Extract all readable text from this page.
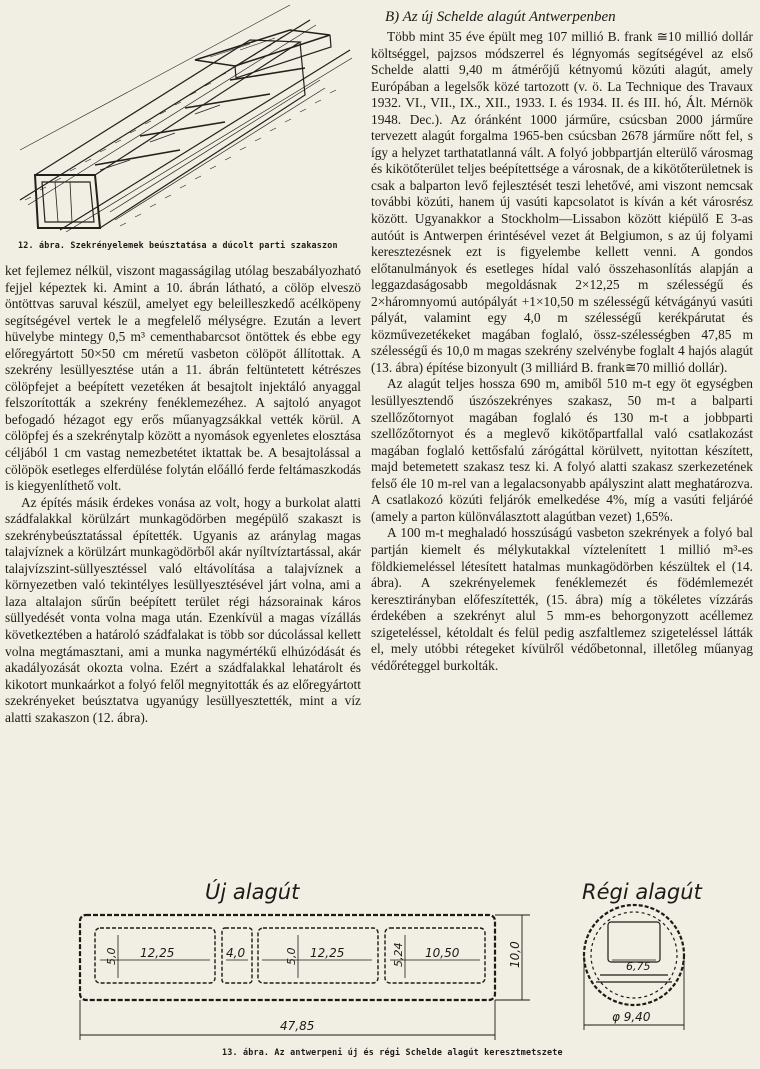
12. ábra. Szekrényelemek beúsztatása a dúcolt parti szakaszon
B) Az új Schelde alagút Antwerpenben

ket fejlemez nélkül, viszont magasságilag utólag beszabályozható fejjel képeztek ki. Amint a 10. ábrán látható, a cölöp elveszö öntöttvas saruval készül, amelyet egy beleilleszkedő acélköpeny segítségével vertek le a megfelelő mélységre. Ezután a levert hüvelybe mintegy 0,5 m³ cementhabarcsot öntöttek és ebbe egy előregyártott 50×50 cm méretű vasbeton cölöpöt állítottak. A szekrény lesüllyesztése után a 11. ábrán feltüntetett kétrészes cölöpfejet a beépített vezetéken át besajtolt injektáló anyaggal felszorították a szekrény fenéklemezéhez. A sajtoló anyagot befogadó hézagot egy erős műanyagzsákkal vették körül. A cölöpfej és a szekrénytalp között a nyomások egyenletes elosztása céljából 1 cm vastag nemezbetétet iktattak be. A besajtolással a cölöpök esetleges elferdülése folytán előálló ferde feltámaszkodás is kiegyenlíthető volt.

Az építés másik érdekes vonása az volt, hogy a burkolat alatti szádfalakkal körülzárt munkagödörben megépülő szakaszt is szekrénybeúsztatással építették. Ugyanis az aránylag magas talajvíznek a körülzárt munkagödörből akár nyíltvíztartással, akár talajvízszint-süllyesztéssel való eltávolítása a talajvíznek a környezetben való tekintélyes lesüllyesztésével járt volna, ami a laza altalajon sűrűn beépített terület régi házsorainak káros süllyedését vonta volna maga után. Ezenkívül a magas vízállás következtében a határoló szádfalakat is több sor dúcolással kellett volna megtámasztani, ami a munka nagymértékű elhúzódását és akadályozását okozta volna. Ezért a szádfalakkal lehatárolt és kikotort munkaárkot a folyó felől megnyitották és az előregyártott szekrényeket beúsztatva ugyanúgy lesüllyesztették, mint a víz alatti szakaszon (12. ábra).

Több mint 35 éve épült meg 107 millió B. frank ≅10 millió dollár költséggel, pajzsos módszerrel és légnyomás segítségével az első Schelde alatti 9,40 m átmérőjű kétnyomú közúti alagút, amely Európában a legelsők közé tartozott (v. ö. La Technique des Travaux 1932. VI., VII., IX., XII., 1933. I. és 1934. II. és III. hó, Ált. Mérnök 1948. Dec.). Az óránként 1000 járműre, csúcsban 2000 járműre tervezett alagút forgalma 1965-ben csúcsban 2678 járműre nőtt fel, s így a helyzet tarthatatlanná vált. A folyó jobbpartján elterülő városmag és kikötőterület teljes beépítettsége a városnak, de a kikötőterületnek is csak a balparton levő fejlesztését teszi lehetővé, ami viszont nemcsak további közúti, hanem új vasúti kapcsolatot is kíván a két városrész között. Ugyanakkor a Stockholm—Lissabon között kiépülő E 3-as autóút is Antwerpen érintésével vezet át Belgiumon, s az új folyami keresztezésnek ezt is figyelembe kellett venni. A gondos előtanulmányok és esetleges hídal való összehasonlítás alapján a leggazdaságosabb megoldásnak 2×12,25 m szélességű és 2×háromnyomú autópályát +1×10,50 m szélességű kétvágányú vasúti pályát, valamint egy 4,0 m szélességű kerékpárutat és közművezetékeket magában foglaló, össz-szélességben 47,85 m szélességű és 10,0 m magas szekrény szelvénybe foglalt 4 hajós alagút (13. ábra) építése bizonyult (3 milliárd B. frank≅70 millió dollár).

Az alagút teljes hossza 690 m, amiből 510 m-t egy öt egységben lesüllyesztendő úszószekrényes szakasz, 50 m-t a balparti szellőzőtornyot magában foglaló és 130 m-t a jobbparti szellőzőtornyot és a meglevő kikötőpartfallal való csatlakozást magában foglaló kettősfalú zárógáttal körülvett, nyitottan készített, majd betemetett szakasz tesz ki. A folyó alatti szakasz szerkezetének felső éle 10 m-rel van a legalacsonyabb apályszint alatt meghatározva. A csatlakozó közúti feljárók emelkedése 4%, míg a vasúti feljáróé (amely a parton különválasztott alagútban vezet) 1,65%.

A 100 m-t meghaladó hosszúságú vasbeton szekrények a folyó bal partján kiemelt és mélykutakkal víztelenített 1 millió m³-es földkiemeléssel létesített hatalmas munkagödörben készültek el (14. ábra). A szekrényelemek fenéklemezét és födémlemezét keresztirányban előfeszítették, (15. ábra) míg a tökéletes vízzárás érdekében a szekrényt alul 5 mm-es behorgonyzott acéllemez szigeteléssel, kétoldalt és felül pedig aszfaltlemez szigeteléssel látták el, mely utóbbi rétegeket kívülről védőbetonnal, illetőleg műanyag védőréteggel burkolták.

Új alagút	Régi alagút
12,25	4,0	12,25	10,50
5,0	5,0	5,24	10,0
47,85
6,75
φ 9,40
13. ábra. Az antwerpeni új és régi Schelde alagút keresztmetszete
